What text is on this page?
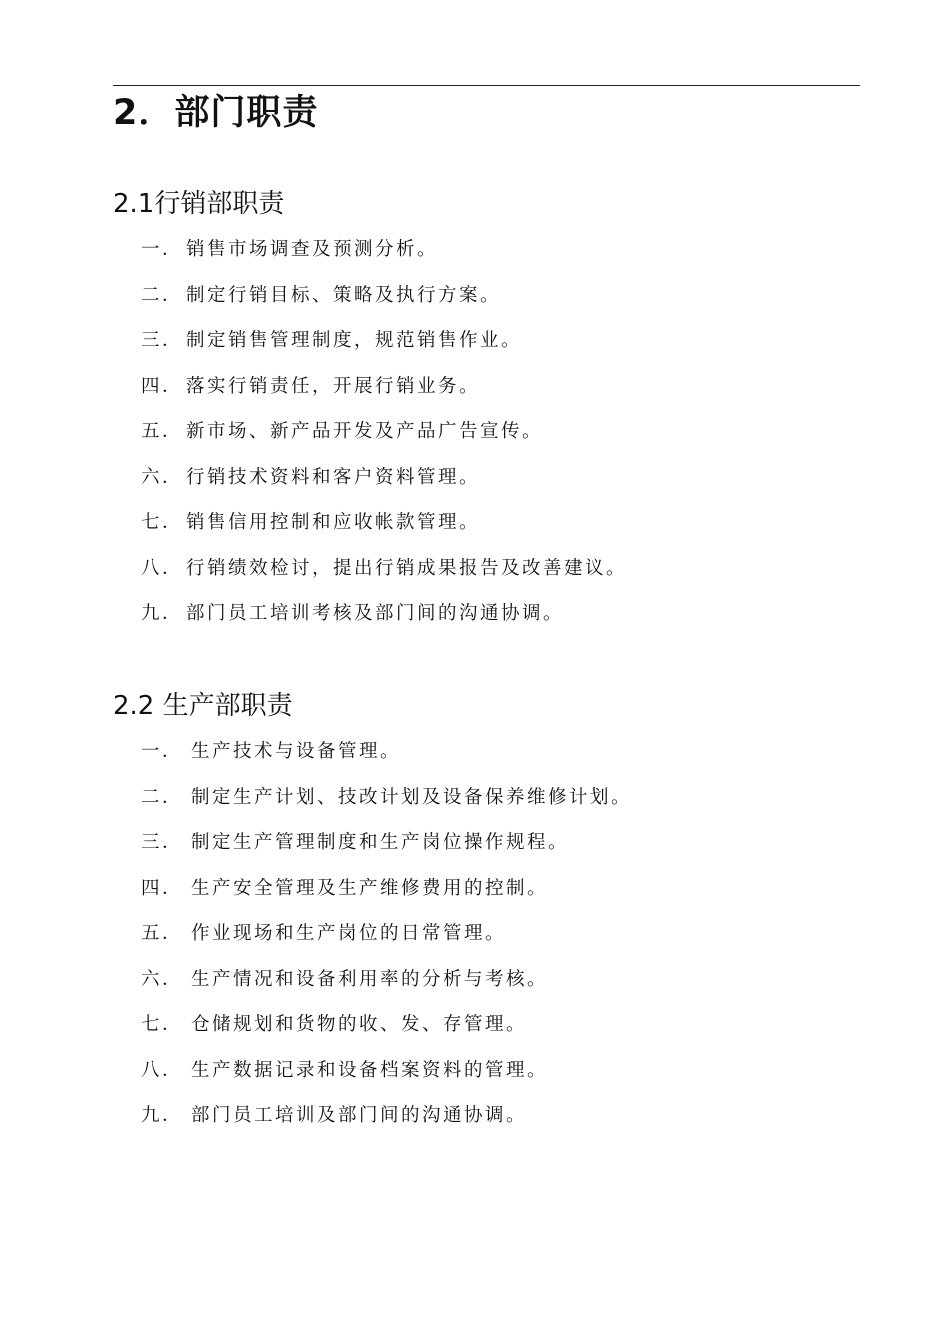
2．部门职责
2.1行销部职责
一． 销售市场调查及预测分析。
二． 制定行销目标、策略及执行方案。
三． 制定销售管理制度，规范销售作业。
四． 落实行销责任，开展行销业务。
五． 新市场、新产品开发及产品广告宣传。
六． 行销技术资料和客户资料管理。
七． 销售信用控制和应收帐款管理。
八． 行销绩效检讨，提出行销成果报告及改善建议。
九． 部门员工培训考核及部门间的沟通协调。
2.2 生产部职责
一． 生产技术与设备管理。
二． 制定生产计划、技改计划及设备保养维修计划。
三． 制定生产管理制度和生产岗位操作规程。
四． 生产安全管理及生产维修费用的控制。
五． 作业现场和生产岗位的日常管理。
六． 生产情况和设备利用率的分析与考核。
七． 仓储规划和货物的收、发、存管理。
八． 生产数据记录和设备档案资料的管理。
九． 部门员工培训及部门间的沟通协调。
